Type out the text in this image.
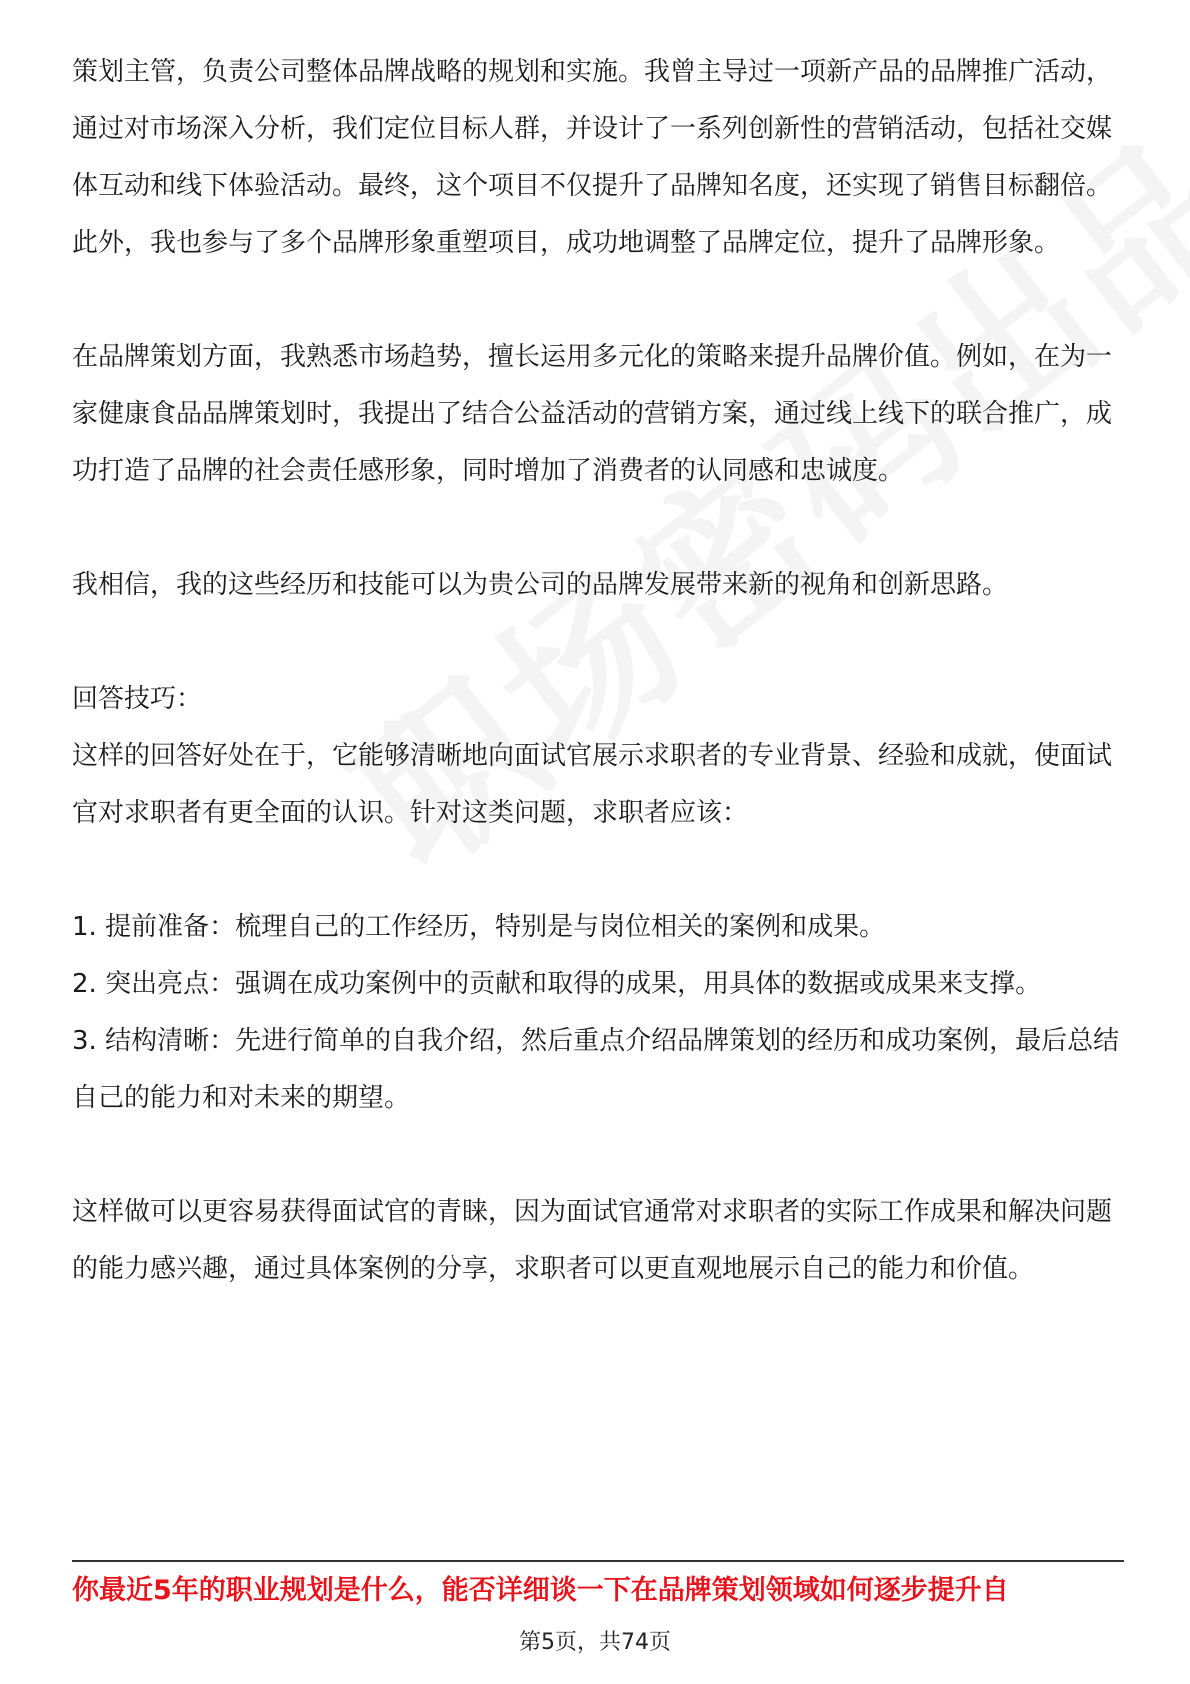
策划主管，负责公司整体品牌战略的规划和实施。我曾主导过一项新产品的品牌推广活动，通过对市场深入分析，我们定位目标人群，并设计了一系列创新性的营销活动，包括社交媒体互动和线下体验活动。最终，这个项目不仅提升了品牌知名度，还实现了销售目标翻倍。此外，我也参与了多个品牌形象重塑项目，成功地调整了品牌定位，提升了品牌形象。

在品牌策划方面，我熟悉市场趋势，擅长运用多元化的策略来提升品牌价值。例如，在为一家健康食品品牌策划时，我提出了结合公益活动的营销方案，通过线上线下的联合推广，成功打造了品牌的社会责任感形象，同时增加了消费者的认同感和忠诚度。

我相信，我的这些经历和技能可以为贵公司的品牌发展带来新的视角和创新思路。

回答技巧：

这样的回答好处在于，它能够清晰地向面试官展示求职者的专业背景、经验和成就，使面试官对求职者有更全面的认识。针对这类问题，求职者应该：

1. 提前准备：梳理自己的工作经历，特别是与岗位相关的案例和成果。

2. 突出亮点：强调在成功案例中的贡献和取得的成果，用具体的数据或成果来支撑。

3. 结构清晰：先进行简单的自我介绍，然后重点介绍品牌策划的经历和成功案例，最后总结自己的能力和对未来的期望。

这样做可以更容易获得面试官的青睐，因为面试官通常对求职者的实际工作成果和解决问题的能力感兴趣，通过具体案例的分享，求职者可以更直观地展示自己的能力和价值。

你最近5年的职业规划是什么，能否详细谈一下在品牌策划领域如何逐步提升自
第5页，共74页
